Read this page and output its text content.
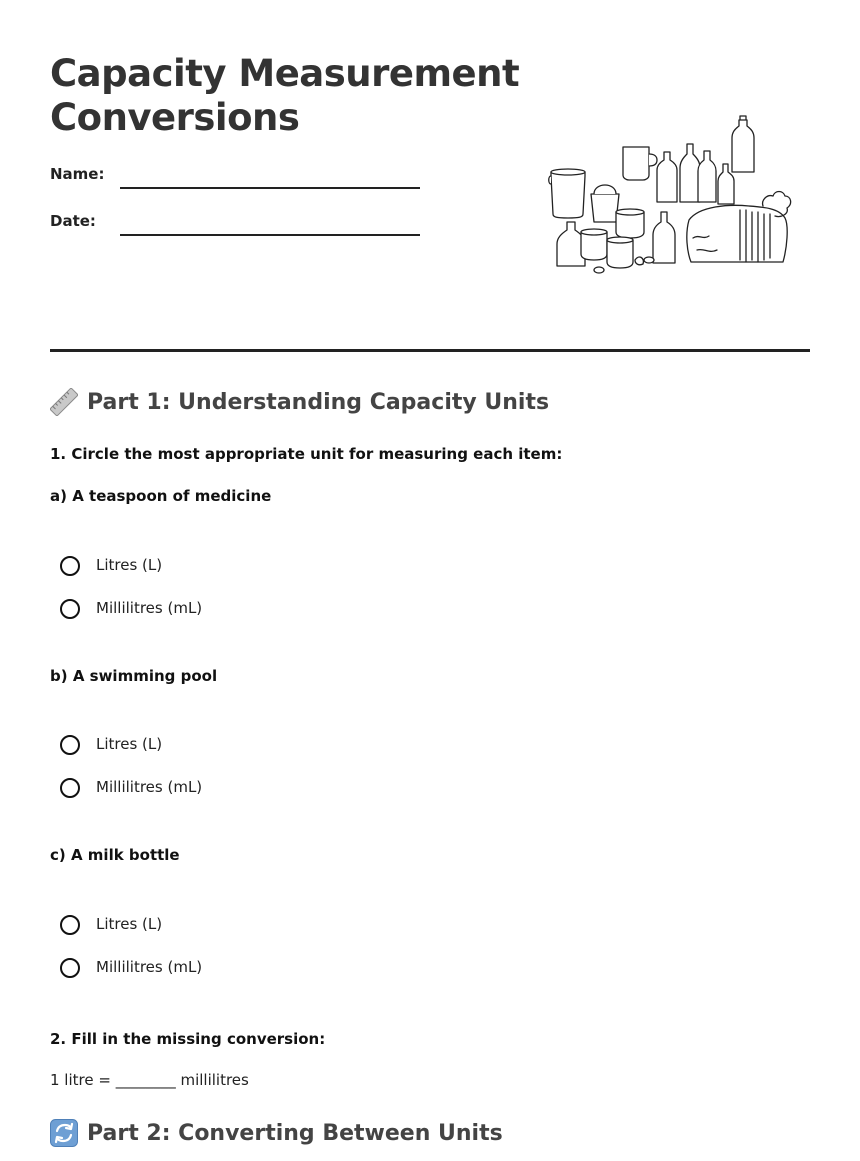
Capacity Measurement
Conversions
Name:
Date:
Part 1: Understanding Capacity Units
1. Circle the most appropriate unit for measuring each item:
a) A teaspoon of medicine
Litres (L)
Millilitres (mL)
b) A swimming pool
Litres (L)
Millilitres (mL)
c) A milk bottle
Litres (L)
Millilitres (mL)
2. Fill in the missing conversion:
1 litre = ________ millilitres
Part 2: Converting Between Units
